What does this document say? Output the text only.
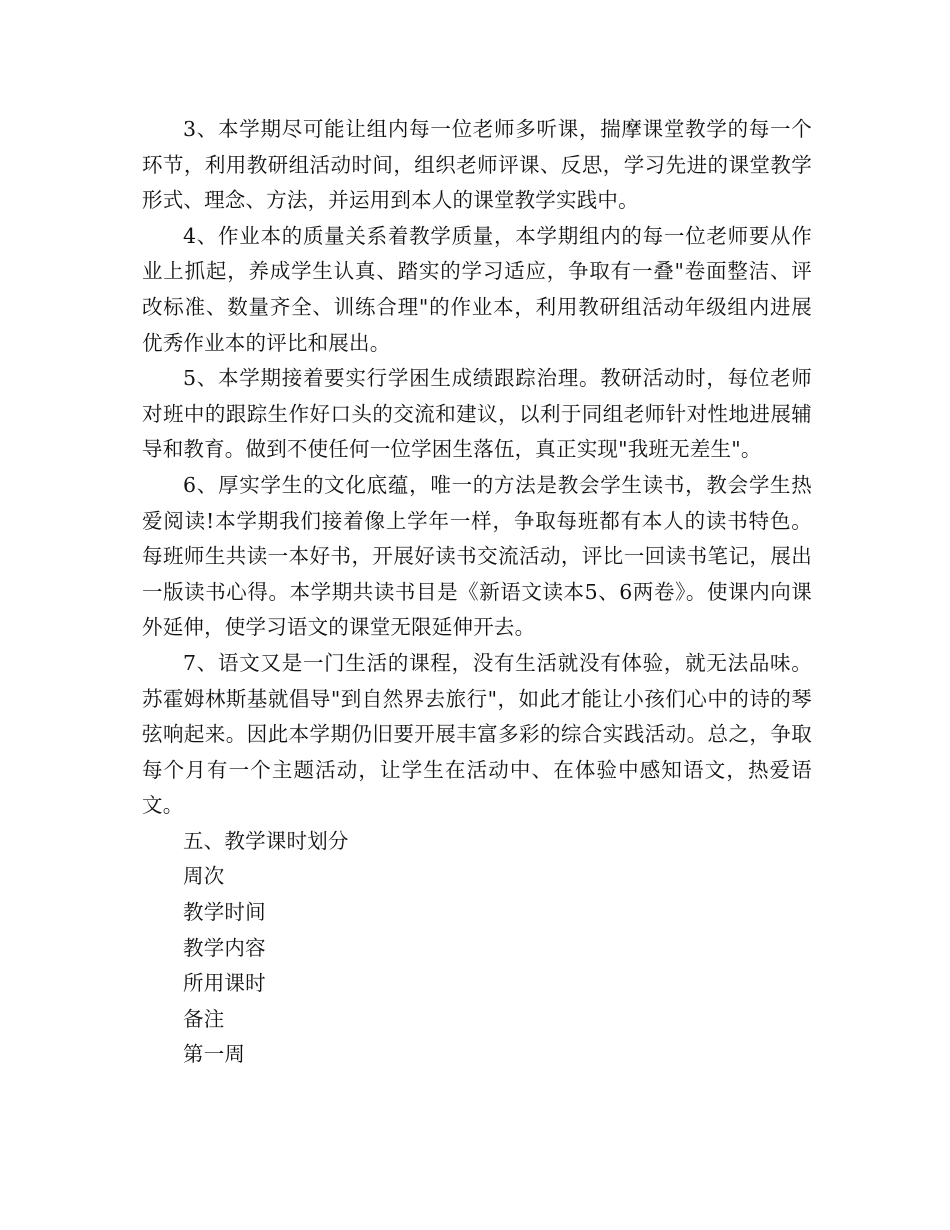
3、本学期尽可能让组内每一位老师多听课，揣摩课堂教学的每一个环节，利用教研组活动时间，组织老师评课、反思，学习先进的课堂教学形式、理念、方法，并运用到本人的课堂教学实践中。

4、作业本的质量关系着教学质量，本学期组内的每一位老师要从作业上抓起，养成学生认真、踏实的学习适应，争取有一叠"卷面整洁、评改标准、数量齐全、训练合理"的作业本，利用教研组活动年级组内进展优秀作业本的评比和展出。

5、本学期接着要实行学困生成绩跟踪治理。教研活动时，每位老师对班中的跟踪生作好口头的交流和建议，以利于同组老师针对性地进展辅导和教育。做到不使任何一位学困生落伍，真正实现"我班无差生"。

6、厚实学生的文化底蕴，唯一的方法是教会学生读书，教会学生热爱阅读!本学期我们接着像上学年一样，争取每班都有本人的读书特色。每班师生共读一本好书，开展好读书交流活动，评比一回读书笔记，展出一版读书心得。本学期共读书目是《新语文读本5、6两卷》。使课内向课外延伸，使学习语文的课堂无限延伸开去。

7、语文又是一门生活的课程，没有生活就没有体验，就无法品味。苏霍姆林斯基就倡导"到自然界去旅行"，如此才能让小孩们心中的诗的琴弦响起来。因此本学期仍旧要开展丰富多彩的综合实践活动。总之，争取每个月有一个主题活动，让学生在活动中、在体验中感知语文，热爱语文。

五、教学课时划分

周次

教学时间

教学内容

所用课时

备注

第一周
